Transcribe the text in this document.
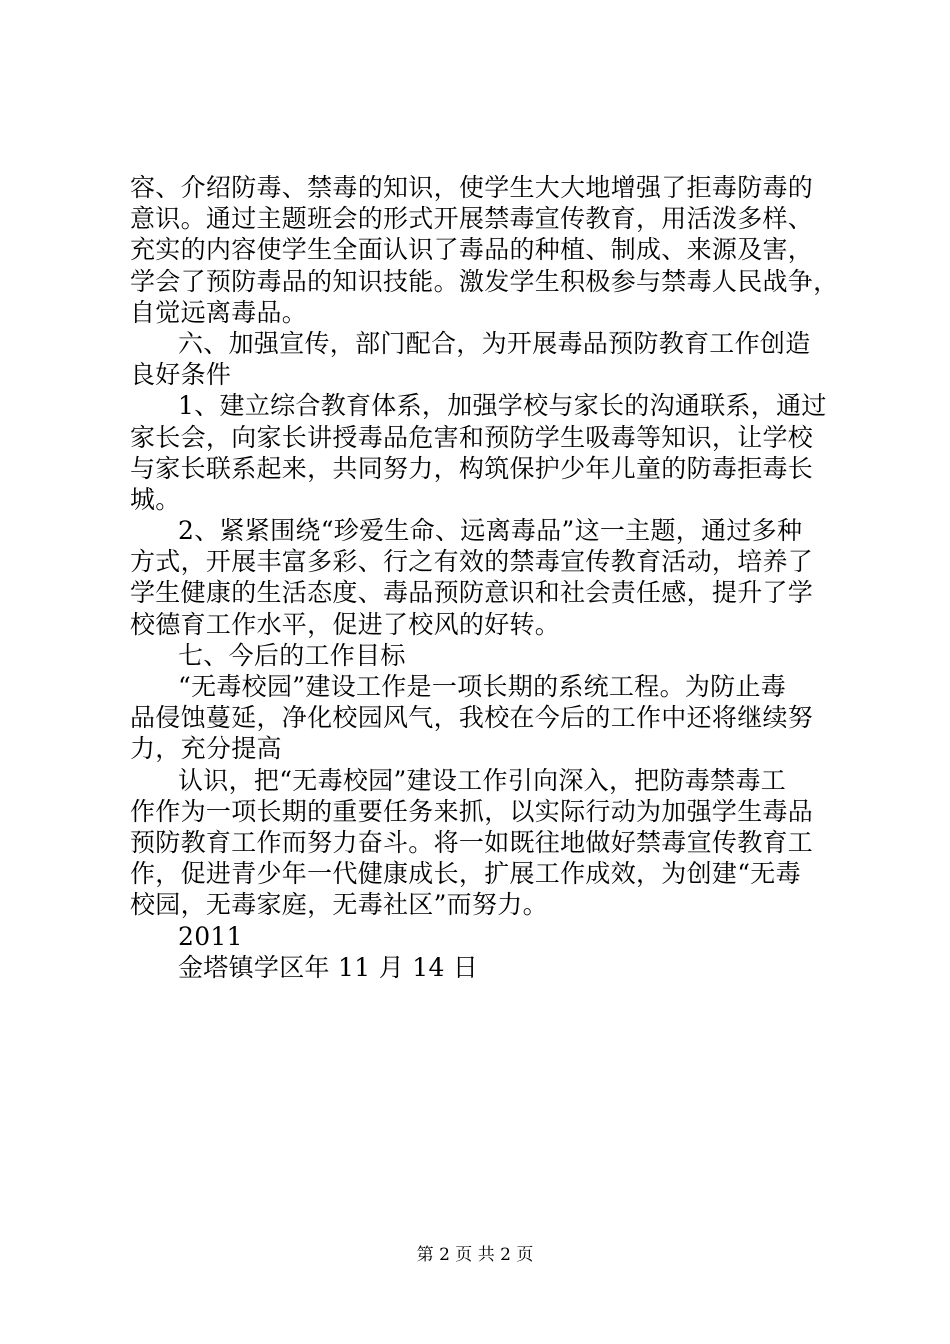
容、介绍防毒、禁毒的知识，使学生大大地增强了拒毒防毒的
意识。通过主题班会的形式开展禁毒宣传教育，用活泼多样、
充实的内容使学生全面认识了毒品的种植、制成、来源及害，
学会了预防毒品的知识技能。激发学生积极参与禁毒人民战争，
自觉远离毒品。
六、加强宣传，部门配合，为开展毒品预防教育工作创造
良好条件
1、建立综合教育体系，加强学校与家长的沟通联系，通过
家长会，向家长讲授毒品危害和预防学生吸毒等知识，让学校
与家长联系起来，共同努力，构筑保护少年儿童的防毒拒毒长
城。
2、紧紧围绕“珍爱生命、远离毒品”这一主题，通过多种
方式，开展丰富多彩、行之有效的禁毒宣传教育活动，培养了
学生健康的生活态度、毒品预防意识和社会责任感，提升了学
校德育工作水平，促进了校风的好转。
七、今后的工作目标
“无毒校园”建设工作是一项长期的系统工程。为防止毒
品侵蚀蔓延，净化校园风气，我校在今后的工作中还将继续努
力，充分提高
认识，把“无毒校园”建设工作引向深入，把防毒禁毒工
作作为一项长期的重要任务来抓，以实际行动为加强学生毒品
预防教育工作而努力奋斗。将一如既往地做好禁毒宣传教育工
作，促进青少年一代健康成长，扩展工作成效，为创建“无毒
校园，无毒家庭，无毒社区”而努力。
2011
金塔镇学区年 11 月 14 日
第 2 页 共 2 页
